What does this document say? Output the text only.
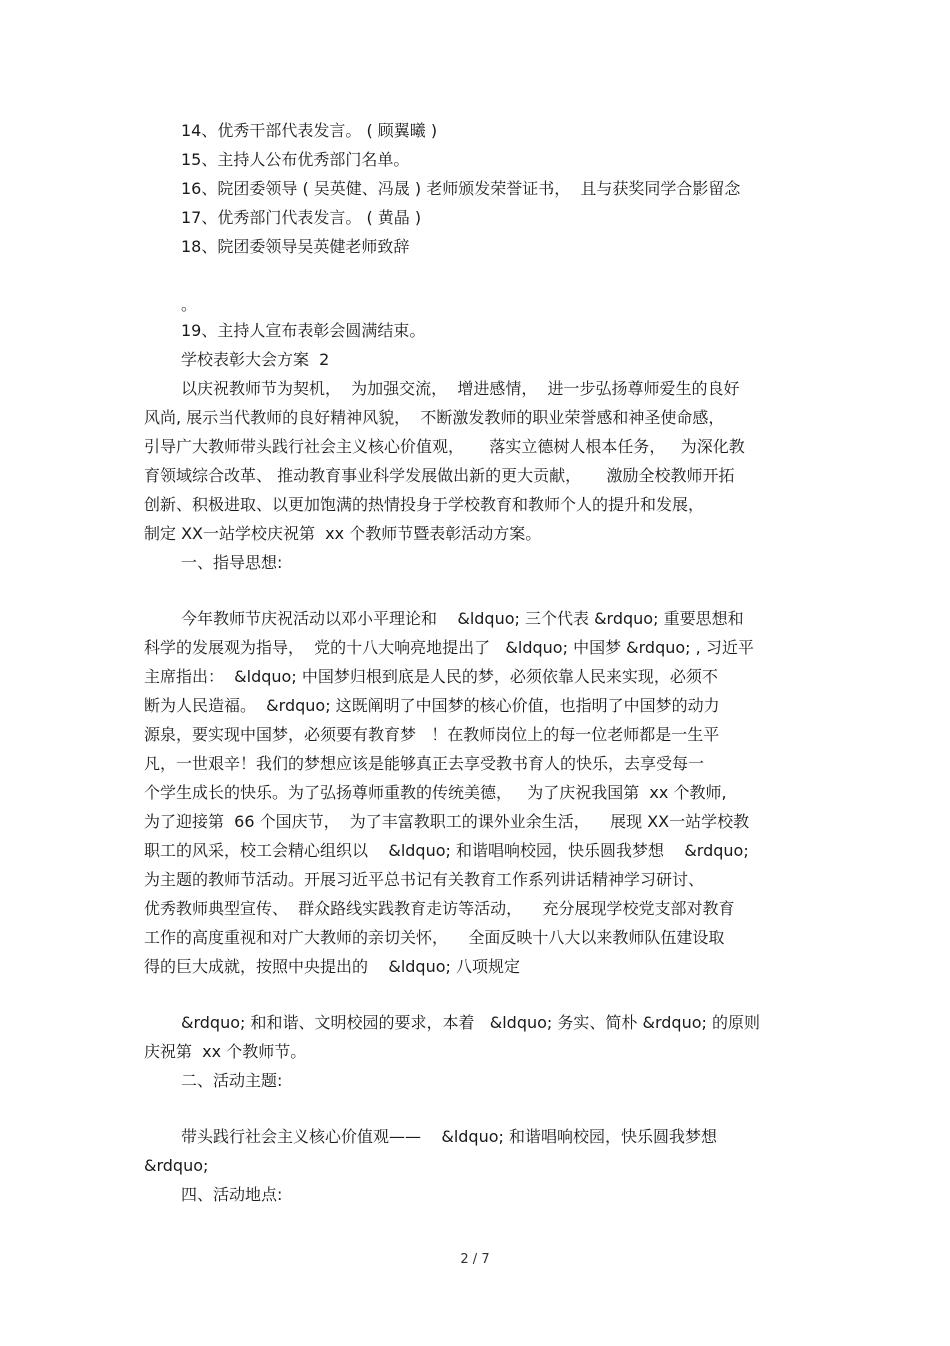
14、优秀干部代表发言。 ( 顾翼曦 )
15、主持人公布优秀部门名单。
16、院团委领导 ( 吴英健、冯晟 ) 老师颁发荣誉证书，  且与获奖同学合影留念
17、优秀部门代表发言。 ( 黄晶 )
18、院团委领导吴英健老师致辞
。
19、主持人宣布表彰会圆满结束。
学校表彰大会方案  2
以庆祝教师节为契机，  为加强交流，  增进感情，  进一步弘扬尊师爱生的良好
风尚, 展示当代教师的良好精神风貌，  不断激发教师的职业荣誉感和神圣使命感，
引导广大教师带头践行社会主义核心价值观，     落实立德树人根本任务，   为深化教
育领域综合改革、 推动教育事业科学发展做出新的更大贡献，     激励全校教师开拓
创新、积极进取、以更加饱满的热情投身于学校教育和教师个人的提升和发展，
制定 XX一站学校庆祝第  xx 个教师节暨表彰活动方案。
一、指导思想:
今年教师节庆祝活动以邓小平理论和    &ldquo; 三个代表 &rdquo; 重要思想和
科学的发展观为指导，  党的十八大响亮地提出了   &ldquo; 中国梦 &rdquo; , 习近平
主席指出：  &ldquo; 中国梦归根到底是人民的梦，必须依靠人民来实现，必须不
断为人民造福。  &rdquo; 这既阐明了中国梦的核心价值，也指明了中国梦的动力
源泉，要实现中国梦，必须要有教育梦   ！在教师岗位上的每一位老师都是一生平
凡，一世艰辛！我们的梦想应该是能够真正去享受教书育人的快乐，去享受每一
个学生成长的快乐。为了弘扬尊师重教的传统美德，   为了庆祝我国第  xx 个教师,
为了迎接第  66 个国庆节，  为了丰富教职工的课外业余生活，    展现 XX一站学校教
职工的风采，校工会精心组织以    &ldquo; 和谐唱响校园，快乐圆我梦想    &rdquo;
为主题的教师节活动。开展习近平总书记有关教育工作系列讲话精神学习研讨、
优秀教师典型宣传、  群众路线实践教育走访等活动，    充分展现学校党支部对教育
工作的高度重视和对广大教师的亲切关怀，    全面反映十八大以来教师队伍建设取
得的巨大成就，按照中央提出的    &ldquo; 八项规定
&rdquo; 和和谐、文明校园的要求，本着   &ldquo; 务实、简朴 &rdquo; 的原则
庆祝第  xx 个教师节。
二、活动主题:
带头践行社会主义核心价值观——    &ldquo; 和谐唱响校园，快乐圆我梦想
&rdquo;
四、活动地点:
2 / 7
